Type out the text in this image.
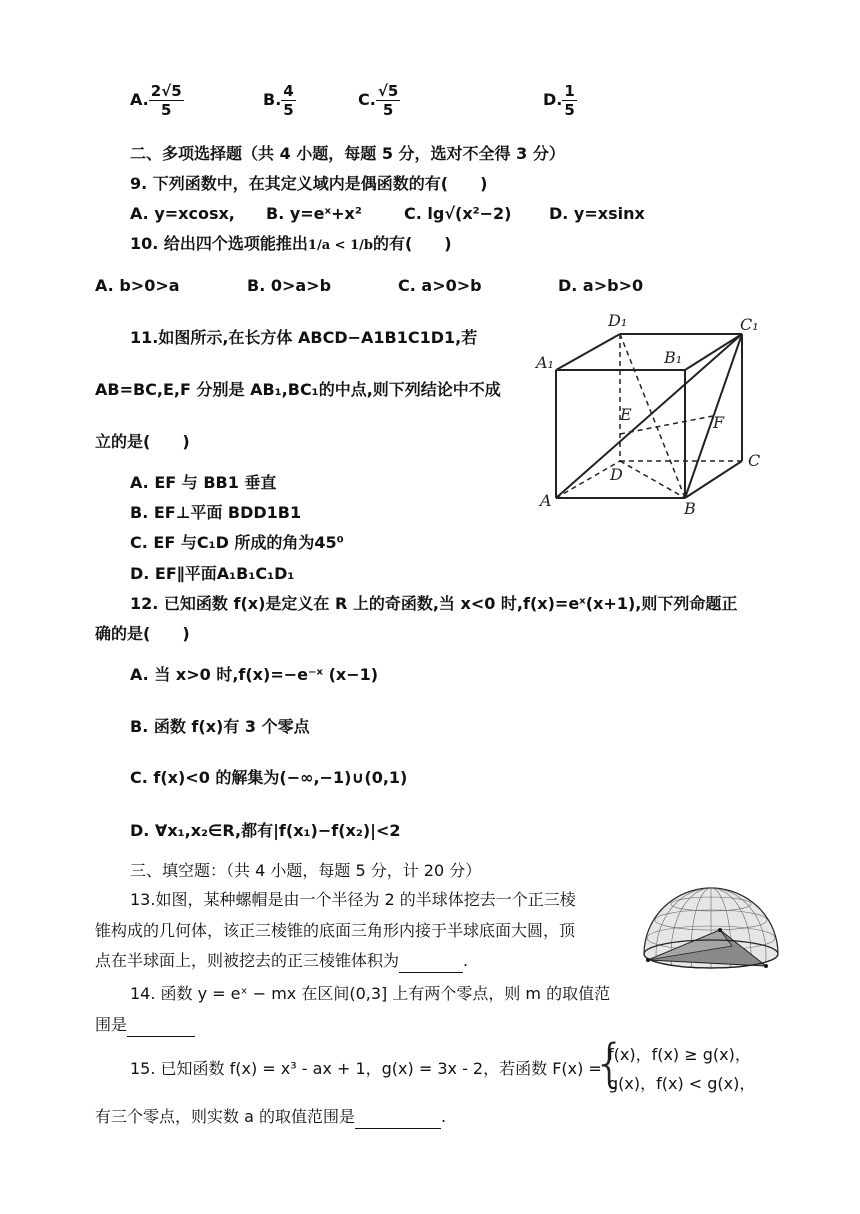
A. $\frac{2√5}{5}$	B. $\frac{4}{5}$	C. $\frac{√5}{5}$	D. $\frac{1}{5}$
二、多项选择题（共 4 小题，每题 5 分，选对不全得 3 分）
9. 下列函数中，在其定义域内是偶函数的有(　　)
A. y=xcosx, B. y=eˣ+x²	C. lg√(x²−2) D. y=xsinx
10. 给出四个选项能推出1/a < 1/b的有(　　)
A. b>0>a	B. 0>a>b	C. a>0>b	D. a>b>0
11.如图所示,在长方体 ABCD−A1B1C1D1,若
AB=BC,E,F 分别是 AB₁,BC₁的中点,则下列结论中不成
立的是(　　)
A. EF 与 BB1 垂直
B. EF⊥平面 BDD1B1
C. EF 与C₁D 所成的角为45⁰
D. EF∥平面A₁B₁C₁D₁
D₁	C₁
A₁	B₁
E	F
D
C
A	B
12. 已知函数 f(x)是定义在 R 上的奇函数,当 x<0 时,f(x)=eˣ(x+1),则下列命题正
确的是(　　)
A. 当 x>0 时,f(x)=−e⁻ˣ (x−1)
B. 函数 f(x)有 3 个零点
C. f(x)<0 的解集为(−∞,−1)∪(0,1)
D. ∀x₁,x₂∈R,都有|f(x₁)−f(x₂)|<2
三、填空题：（共 4 小题，每题 5 分，计 20 分）
13.如图，某种螺帽是由一个半径为 2 的半球体挖去一个正三棱
锥构成的几何体，该正三棱锥的底面三角形内接于半球底面大圆，顶
点在半球面上，则被挖去的正三棱锥体积为	.
14. 函数 y = eˣ − mx 在区间(0,3] 上有两个零点，则 m 的取值范
围是
15. 已知函数 f(x) = x³ - ax + 1，g(x) = 3x - 2，若函数 F(x) =
{
f(x)，f(x) ≥ g(x)，
g(x)，f(x) < g(x)，
有三个零点，则实数 a 的取值范围是	.
